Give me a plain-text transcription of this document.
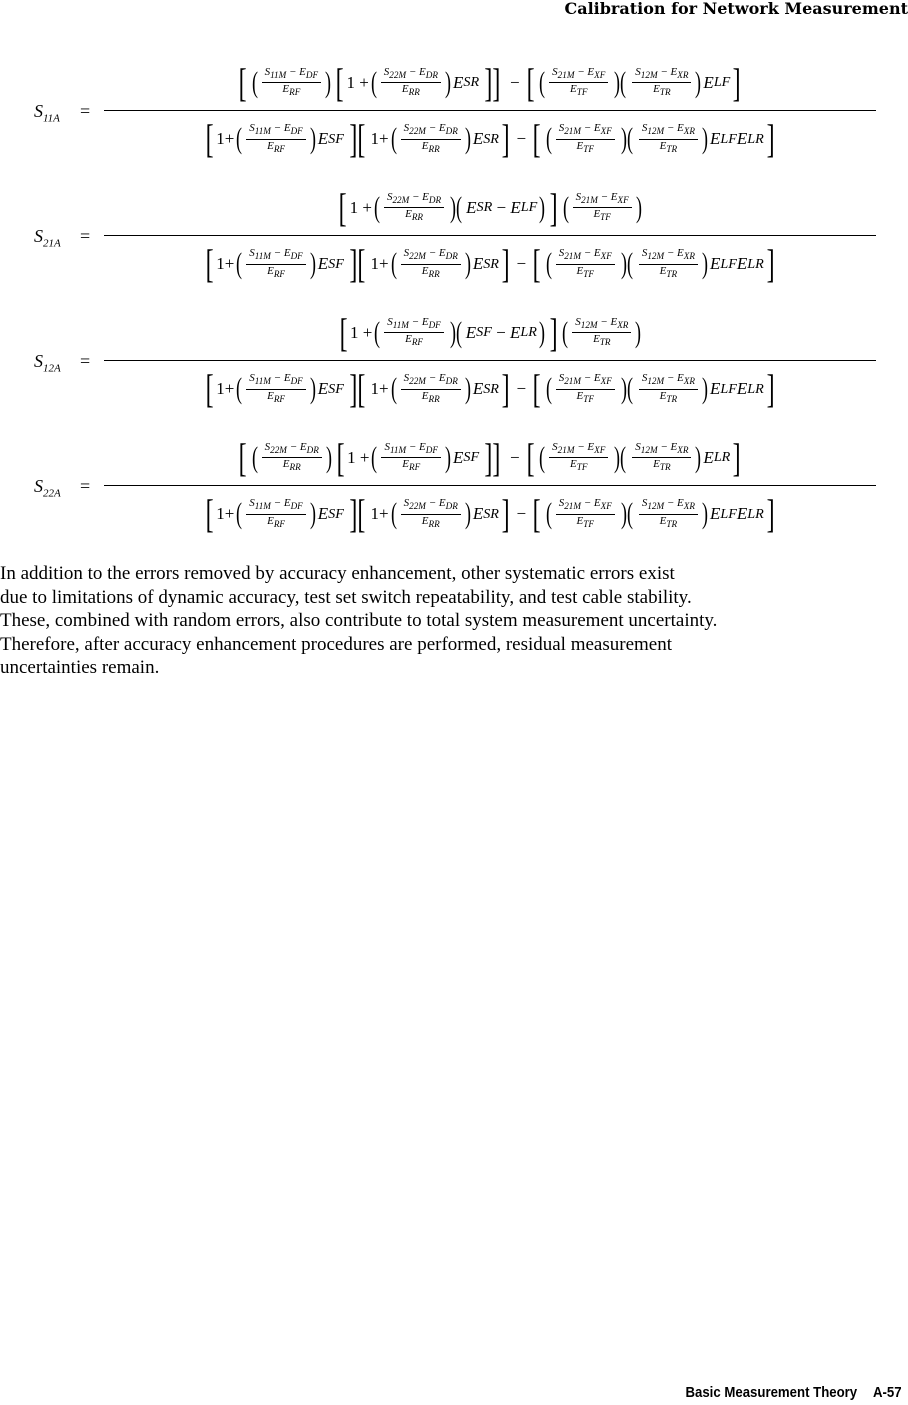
Calibration for Network Measurement
$S_{11A}$ =
[ ( $S_{11M} - E_{DF}$
$E_{RF}$ ) [ 1 + ( $S_{22M} - E_{DR}$
$E_{RR}$ ) E SR ]] − [ ( $S_{21M} - E_{XF}$
$E_{TF}$ )( $S_{12M} - E_{XR}$
$E_{TR}$ ) E LF ]
[ 1+ ( $S_{11M} - E_{DF}$
$E_{RF}$ ) E SF ][ 1+ ( $S_{22M} - E_{DR}$
$E_{RR}$ ) E SR ] − [ ( $S_{21M} - E_{XF}$
$E_{TF}$ )( $S_{12M} - E_{XR}$
$E_{TR}$ ) E LF E LR ]
$S_{21A}$ =
[ 1 + ( $S_{22M} - E_{DR}$
$E_{RR}$ )( E SR − E LF ) ] ( $S_{21M} - E_{XF}$
$E_{TF}$ )
[ 1+ ( $S_{11M} - E_{DF}$
$E_{RF}$ ) E SF ][ 1+ ( $S_{22M} - E_{DR}$
$E_{RR}$ ) E SR ] − [ ( $S_{21M} - E_{XF}$
$E_{TF}$ )( $S_{12M} - E_{XR}$
$E_{TR}$ ) E LF E LR ]
$S_{12A}$ =
[ 1 + ( $S_{11M} - E_{DF}$
$E_{RF}$ )( E SF − E LR ) ] ( $S_{12M} - E_{XR}$
$E_{TR}$ )
[ 1+ ( $S_{11M} - E_{DF}$
$E_{RF}$ ) E SF ][ 1+ ( $S_{22M} - E_{DR}$
$E_{RR}$ ) E SR ] − [ ( $S_{21M} - E_{XF}$
$E_{TF}$ )( $S_{12M} - E_{XR}$
$E_{TR}$ ) E LF E LR ]
$S_{22A}$ =
[ ( $S_{22M} - E_{DR}$
$E_{RR}$ ) [ 1 + ( $S_{11M} - E_{DF}$
$E_{RF}$ ) E SF ]] − [ ( $S_{21M} - E_{XF}$
$E_{TF}$ )( $S_{12M} - E_{XR}$
$E_{TR}$ ) E LR ]
[ 1+ ( $S_{11M} - E_{DF}$
$E_{RF}$ ) E SF ][ 1+ ( $S_{22M} - E_{DR}$
$E_{RR}$ ) E SR ] − [ ( $S_{21M} - E_{XF}$
$E_{TF}$ )( $S_{12M} - E_{XR}$
$E_{TR}$ ) E LF E LR ]
In addition to the errors removed by accuracy enhancement, other systematic errors exist
due to limitations of dynamic accuracy, test set switch repeatability, and test cable stability.
These, combined with random errors, also contribute to total system measurement uncertainty.
Therefore, after accuracy enhancement procedures are performed, residual measurement
uncertainties remain.
Basic Measurement Theory A-57
